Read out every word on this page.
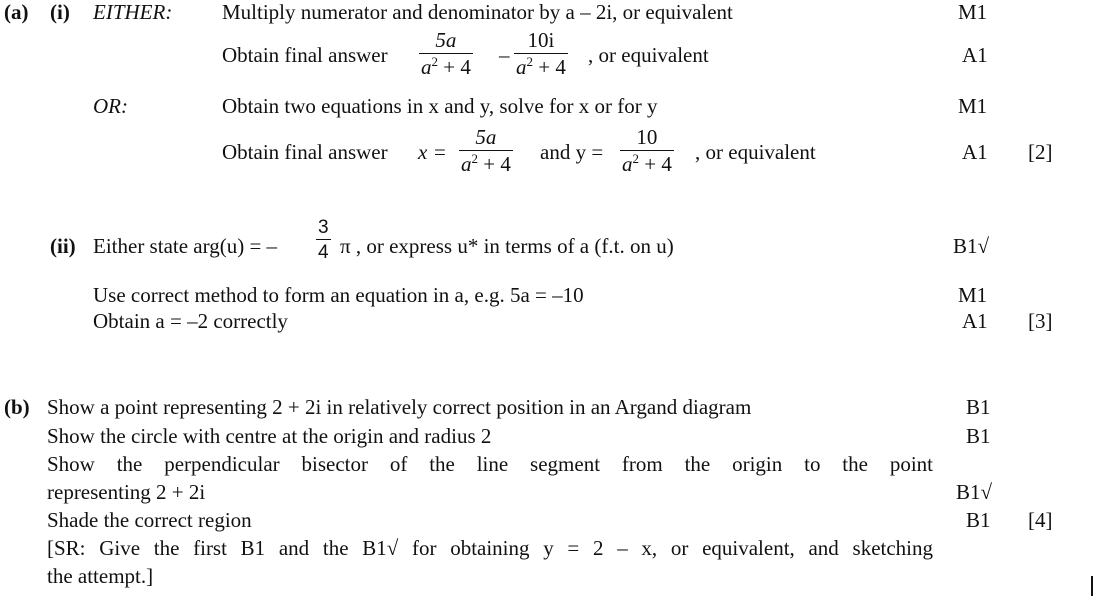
(a) (i) EITHER: Multiply numerator and denominator by a – 2i, or equivalent
Obtain final answer $\frac{5a}{a^2 + 4} - \frac{10i}{a^2 + 4}$ , or equivalent
OR:	Obtain two equations in x and y, solve for x or for y
Obtain final answer $x = \frac{5a}{a^2 + 4}$ and $y = \frac{10}{a^2 + 4}$ , or equivalent
M1
A1
M1
A1 [2]
(ii) Either state arg(u) = – $\frac{3}{4}$ π , or express u* in terms of a (f.t. on u)
Use correct method to form an equation in a, e.g. 5a = –10
Obtain a = –2 correctly
B1√
M1
A1 [3]
(b) Show a point representing 2 + 2i in relatively correct position in an Argand diagram
Show the circle with centre at the origin and radius 2
Show the perpendicular bisector of the line segment from the origin to the point
representing 2 + 2i
Shade the correct region
[SR: Give the first B1 and the B1√ for obtaining y = 2 – x, or equivalent, and sketching
the attempt.]
B1
B1
B1√
B1 [4]
